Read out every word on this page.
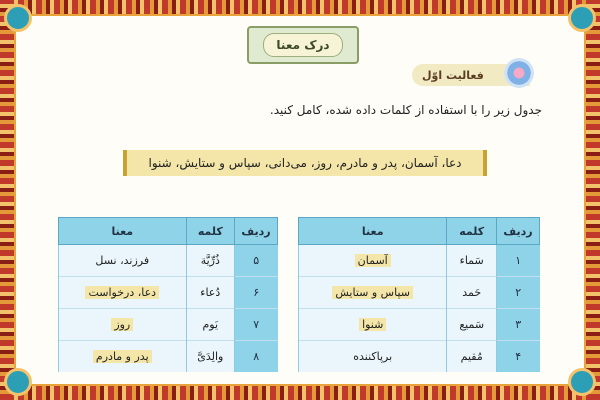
درک معنا
فعالیت اوّل
جدول زیر را با استفاده از کلمات داده شده، کامل کنید.
دعا، آسمان، پدر و مادرم، روز، می‌دانی، سپاس و ستایش، شنوا
ردیف	کلمه	معنا
۱	سَماء	آسمان
۲	حَمد	سپاس و ستایش
۳	سَمیع	شنوا
۴	مُقیم	برپاکننده
ردیف	کلمه	معنا
۵	ذُرِّیَّة	فرزند، نسل
۶	دُعاء	دعا، درخواست
۷	یَوم	روز
۸	والِدَیَّ	پدر و مادرم
